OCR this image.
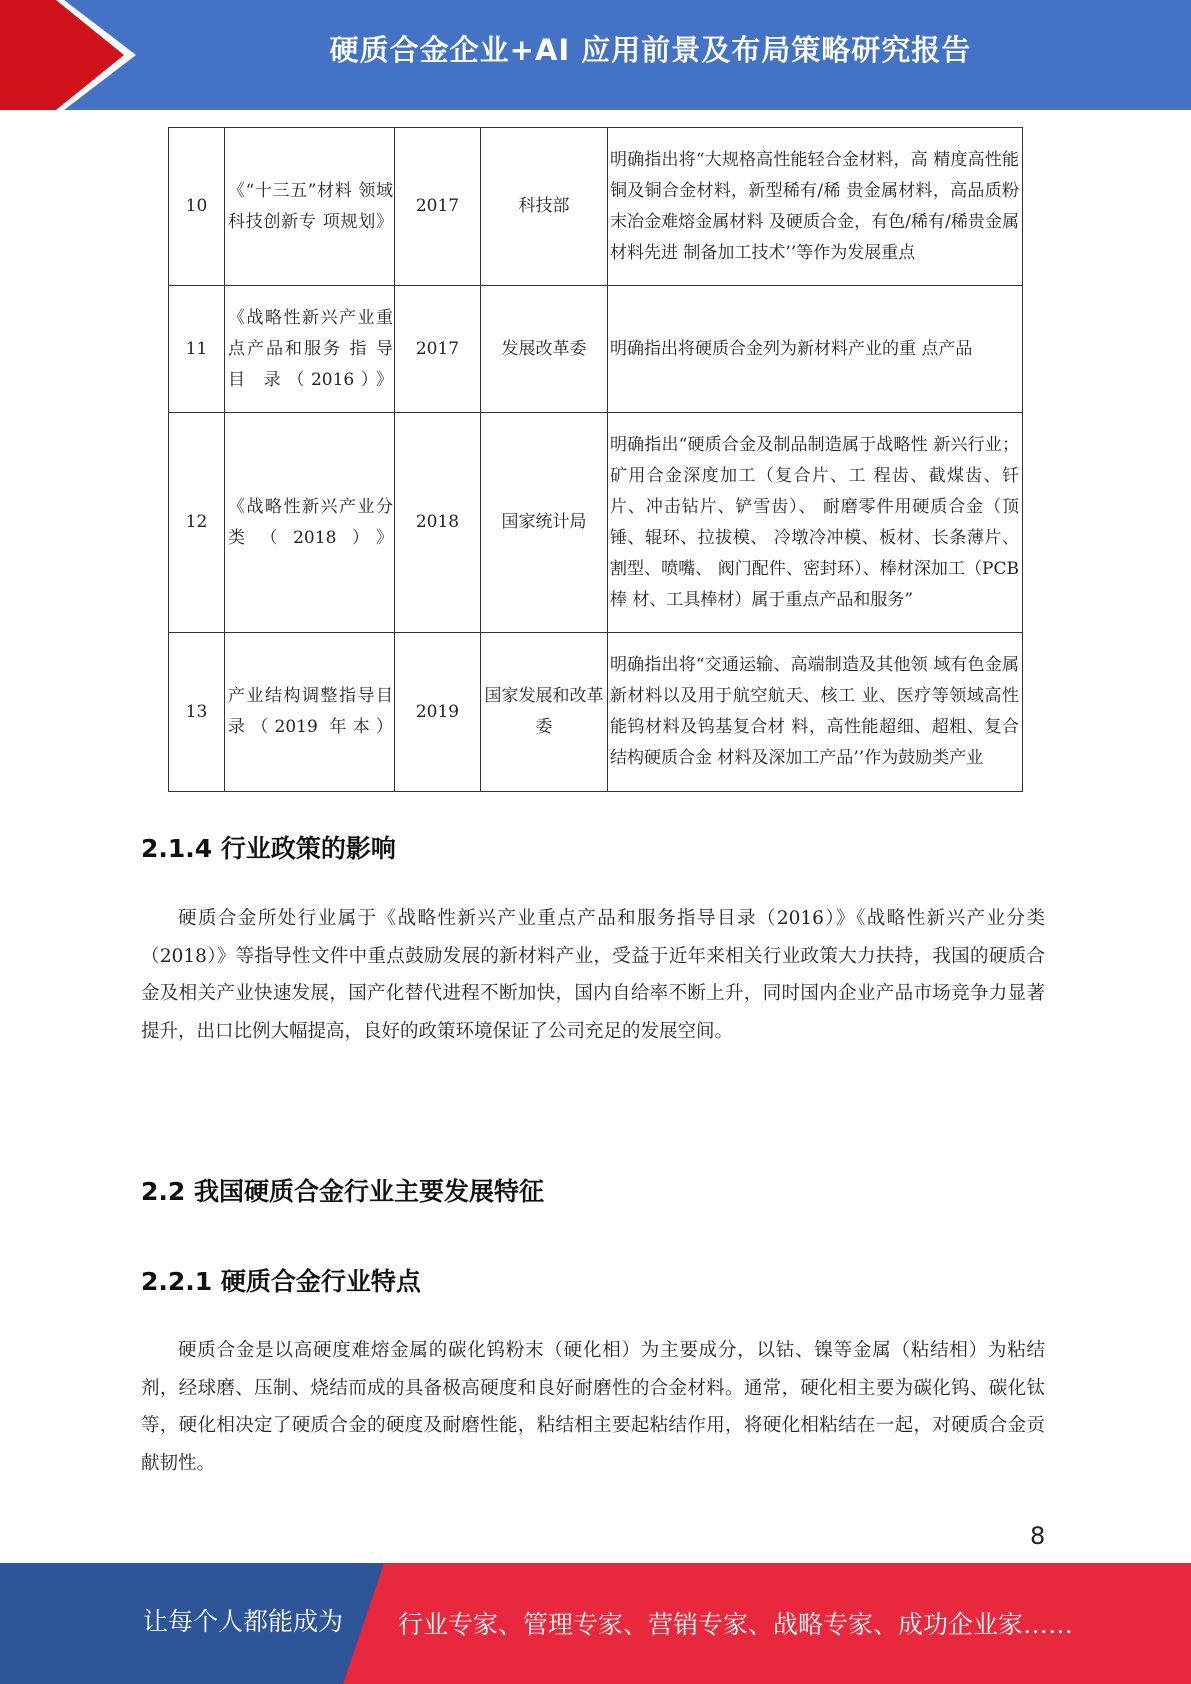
硬质合金企业+AI 应用前景及布局策略研究报告
10	《“十三五”材料 领域科技创新专 项规划》	2017	科技部	明确指出将“大规格高性能轻合金材料，高 精度高性能铜及铜合金材料，新型稀有/稀 贵金属材料，高品质粉末冶金难熔金属材料 及硬质合金，有色/稀有/稀贵金属材料先进 制备加工技术’’等作为发展重点
11	《战略性新兴产业重点产品和服务 指 导 目 录（2016）》	2017	发展改革委	明确指出将硬质合金列为新材料产业的重 点产品
12	《战略性新兴产业分类（2018）》	2018	国家统计局	明确指出“硬质合金及制品制造属于战略性 新兴行业；矿用合金深度加工（复合片、工 程齿、截煤齿、钎片、冲击钻片、铲雪齿）、 耐磨零件用硬质合金（顶锤、辊环、拉拔模、 冷墩冷冲模、板材、长条薄片、割型、喷嘴、 阀门配件、密封环）、棒材深加工（PCB 棒 材、工具棒材）属于重点产品和服务”
13	产业结构调整指导目录（2019 年本）	2019	国家发展和改革委	明确指出将“交通运输、高端制造及其他领 域有色金属新材料以及用于航空航天、核工 业、医疗等领域高性能钨材料及钨基复合材 料，高性能超细、超粗、复合结构硬质合金 材料及深加工产品’’作为鼓励类产业
2.1.4 行业政策的影响
硬质合金所处行业属于《战略性新兴产业重点产品和服务指导目录（2016）》《战略性新兴产业分类（2018）》等指导性文件中重点鼓励发展的新材料产业，受益于近年来相关行业政策大力扶持，我国的硬质合金及相关产业快速发展，国产化替代进程不断加快，国内自给率不断上升，同时国内企业产品市场竞争力显著提升，出口比例大幅提高，良好的政策环境保证了公司充足的发展空间。
2.2 我国硬质合金行业主要发展特征
2.2.1 硬质合金行业特点
硬质合金是以高硬度难熔金属的碳化钨粉末（硬化相）为主要成分，以钴、镍等金属（粘结相）为粘结剂，经球磨、压制、烧结而成的具备极高硬度和良好耐磨性的合金材料。通常，硬化相主要为碳化钨、碳化钛等，硬化相决定了硬质合金的硬度及耐磨性能，粘结相主要起粘结作用，将硬化相粘结在一起，对硬质合金贡献韧性。
8
让每个人都能成为 行业专家、管理专家、营销专家、战略专家、成功企业家……
